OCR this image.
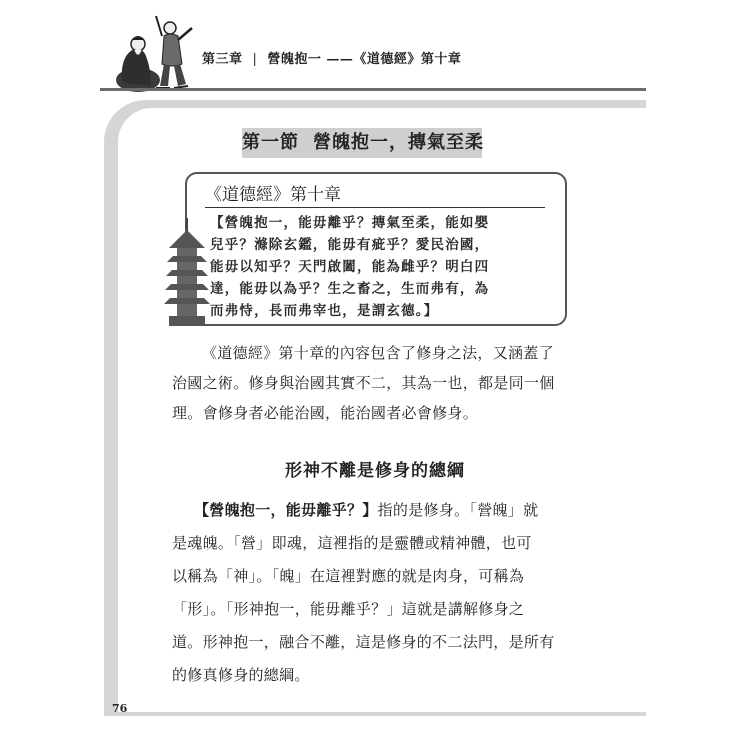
第三章 | 營魄抱一 ——《道德經》第十章
第一節 營魄抱一，摶氣至柔
《道德經》第十章
【營魄抱一，能毋離乎？摶氣至柔，能如嬰
兒乎？滌除玄鑑，能毋有疵乎？愛民治國，
能毋以知乎？天門啟闔，能為雌乎？明白四
達，能毋以為乎？生之畜之，生而弗有，為
而弗恃，長而弗宰也，是謂玄德。】
《道德經》第十章的內容包含了修身之法，又涵蓋了
治國之術。修身與治國其實不二，其為一也，都是同一個
理。會修身者必能治國，能治國者必會修身。
形神不離是修身的總綱
【營魄抱一，能毋離乎？】指的是修身。「營魄」就
是魂魄。「營」即魂，這裡指的是靈體或精神體，也可
以稱為「神」。「魄」在這裡對應的就是肉身，可稱為
「形」。「形神抱一，能毋離乎？」這就是講解修身之
道。形神抱一，融合不離，這是修身的不二法門，是所有
的修真修身的總綱。
76
